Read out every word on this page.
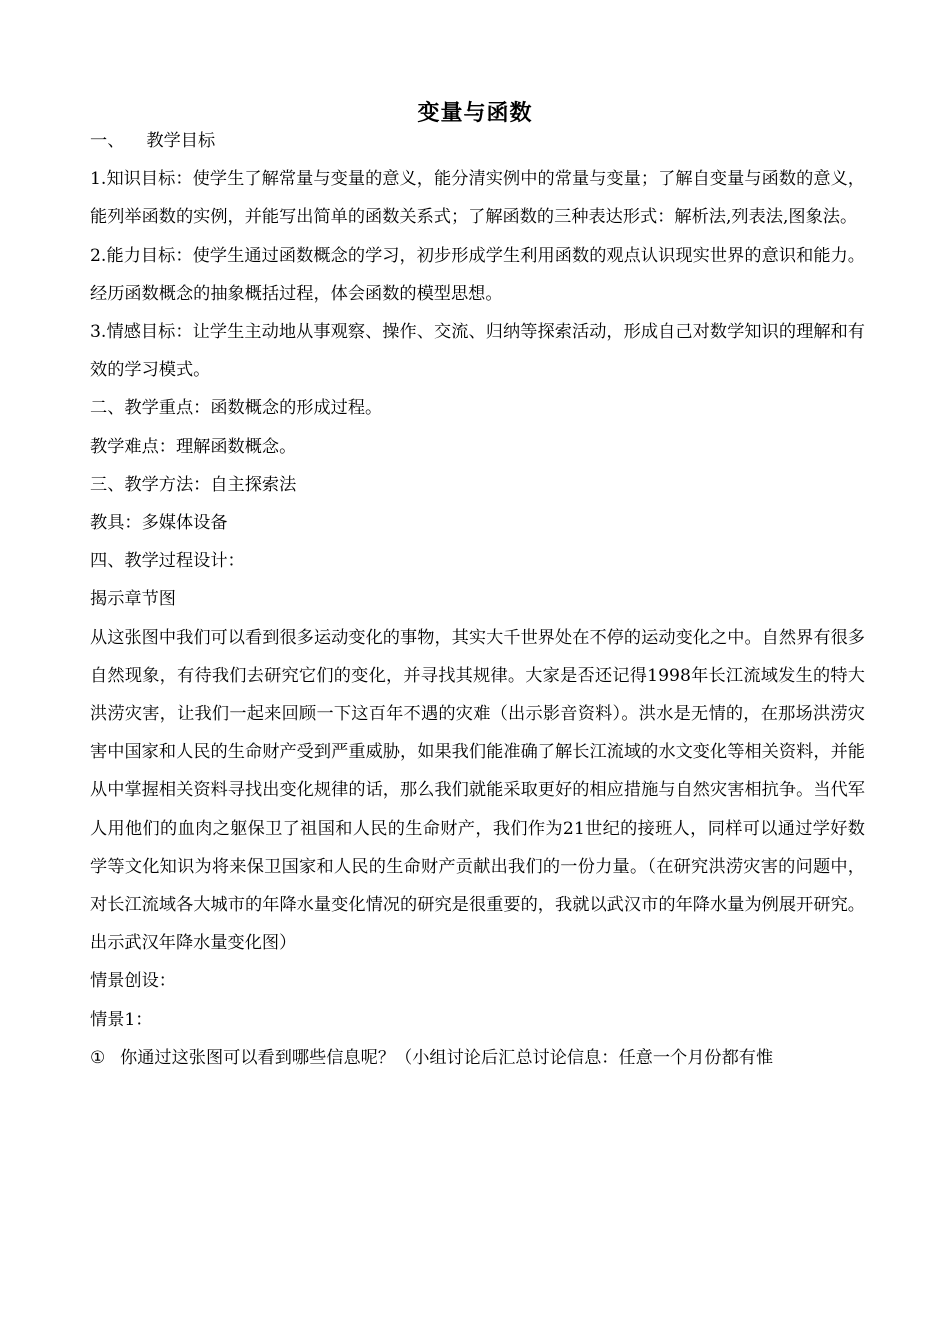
变量与函数

一、 教学目标

1.知识目标：使学生了解常量与变量的意义，能分清实例中的常量与变量；了解自变量与函数的意义，能列举函数的实例，并能写出简单的函数关系式；了解函数的三种表达形式：解析法,列表法,图象法。

2.能力目标：使学生通过函数概念的学习，初步形成学生利用函数的观点认识现实世界的意识和能力。经历函数概念的抽象概括过程，体会函数的模型思想。

3.情感目标：让学生主动地从事观察、操作、交流、归纳等探索活动，形成自己对数学知识的理解和有效的学习模式。

二、教学重点：函数概念的形成过程。

教学难点：理解函数概念。

三、教学方法：自主探索法

教具：多媒体设备

四、教学过程设计：

揭示章节图

从这张图中我们可以看到很多运动变化的事物，其实大千世界处在不停的运动变化之中。自然界有很多自然现象，有待我们去研究它们的变化，并寻找其规律。大家是否还记得1998年长江流域发生的特大洪涝灾害，让我们一起来回顾一下这百年不遇的灾难（出示影音资料）。洪水是无情的，在那场洪涝灾害中国家和人民的生命财产受到严重威胁，如果我们能准确了解长江流域的水文变化等相关资料，并能从中掌握相关资料寻找出变化规律的话，那么我们就能采取更好的相应措施与自然灾害相抗争。当代军人用他们的血肉之躯保卫了祖国和人民的生命财产，我们作为21世纪的接班人，同样可以通过学好数学等文化知识为将来保卫国家和人民的生命财产贡献出我们的一份力量。（在研究洪涝灾害的问题中，对长江流域各大城市的年降水量变化情况的研究是很重要的，我就以武汉市的年降水量为例展开研究。出示武汉年降水量变化图）

情景创设：

情景1：

① 你通过这张图可以看到哪些信息呢？（小组讨论后汇总讨论信息：任意一个月份都有惟
